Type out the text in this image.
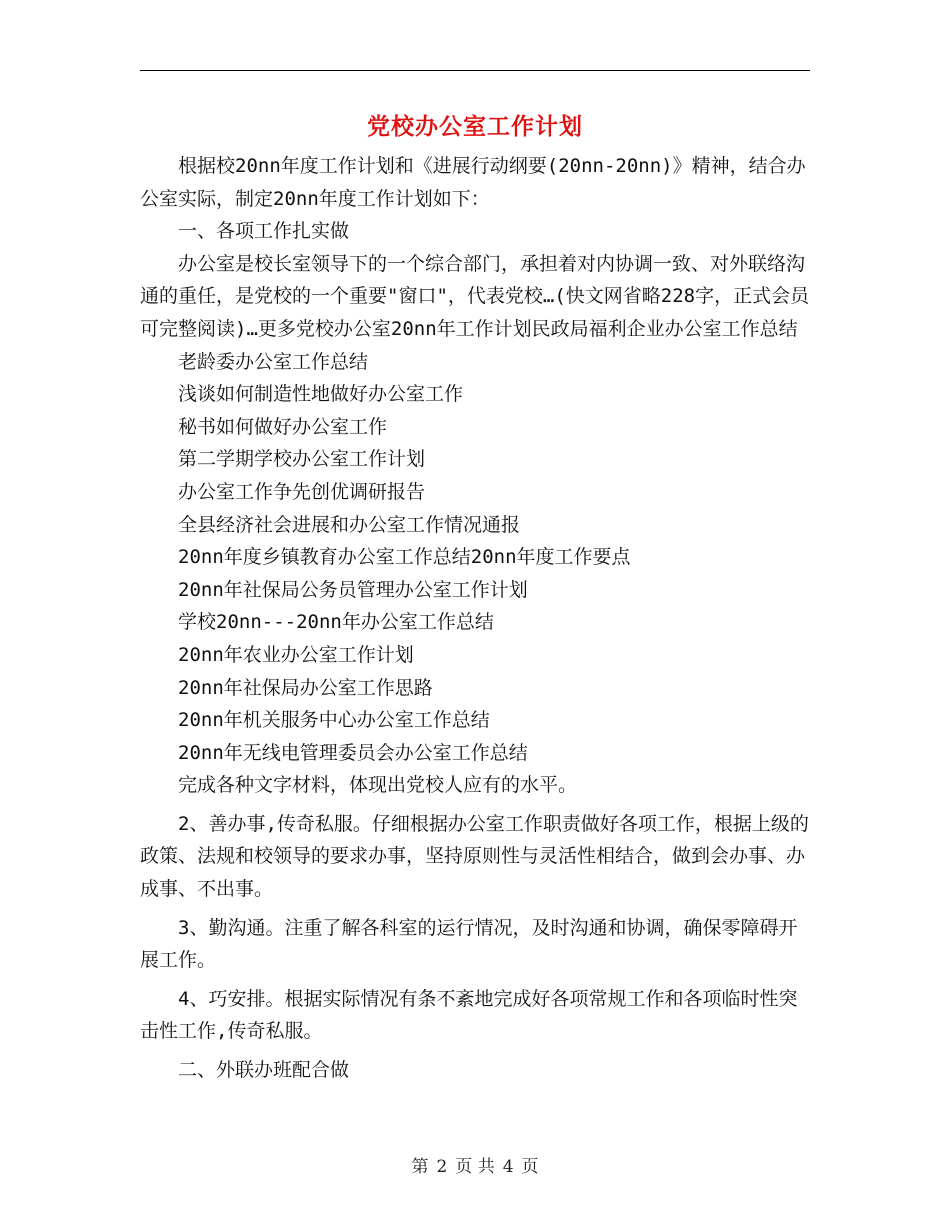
党校办公室工作计划

根据校20nn年度工作计划和《进展行动纲要(20nn-20nn)》精神，结合办公室实际，制定20nn年度工作计划如下：

一、各项工作扎实做

办公室是校长室领导下的一个综合部门，承担着对内协调一致、对外联络沟通的重任，是党校的一个重要"窗口"，代表党校…(快文网省略228字，正式会员可完整阅读)…更多党校办公室20nn年工作计划民政局福利企业办公室工作总结

老龄委办公室工作总结

浅谈如何制造性地做好办公室工作

秘书如何做好办公室工作

第二学期学校办公室工作计划

办公室工作争先创优调研报告

全县经济社会进展和办公室工作情况通报

20nn年度乡镇教育办公室工作总结20nn年度工作要点

20nn年社保局公务员管理办公室工作计划

学校20nn---20nn年办公室工作总结

20nn年农业办公室工作计划

20nn年社保局办公室工作思路

20nn年机关服务中心办公室工作总结

20nn年无线电管理委员会办公室工作总结

完成各种文字材料，体现出党校人应有的水平。

2、善办事,传奇私服。仔细根据办公室工作职责做好各项工作，根据上级的政策、法规和校领导的要求办事，坚持原则性与灵活性相结合，做到会办事、办成事、不出事。

3、勤沟通。注重了解各科室的运行情况，及时沟通和协调，确保零障碍开展工作。

4、巧安排。根据实际情况有条不紊地完成好各项常规工作和各项临时性突击性工作,传奇私服。

二、外联办班配合做

第 2 页 共 4 页
